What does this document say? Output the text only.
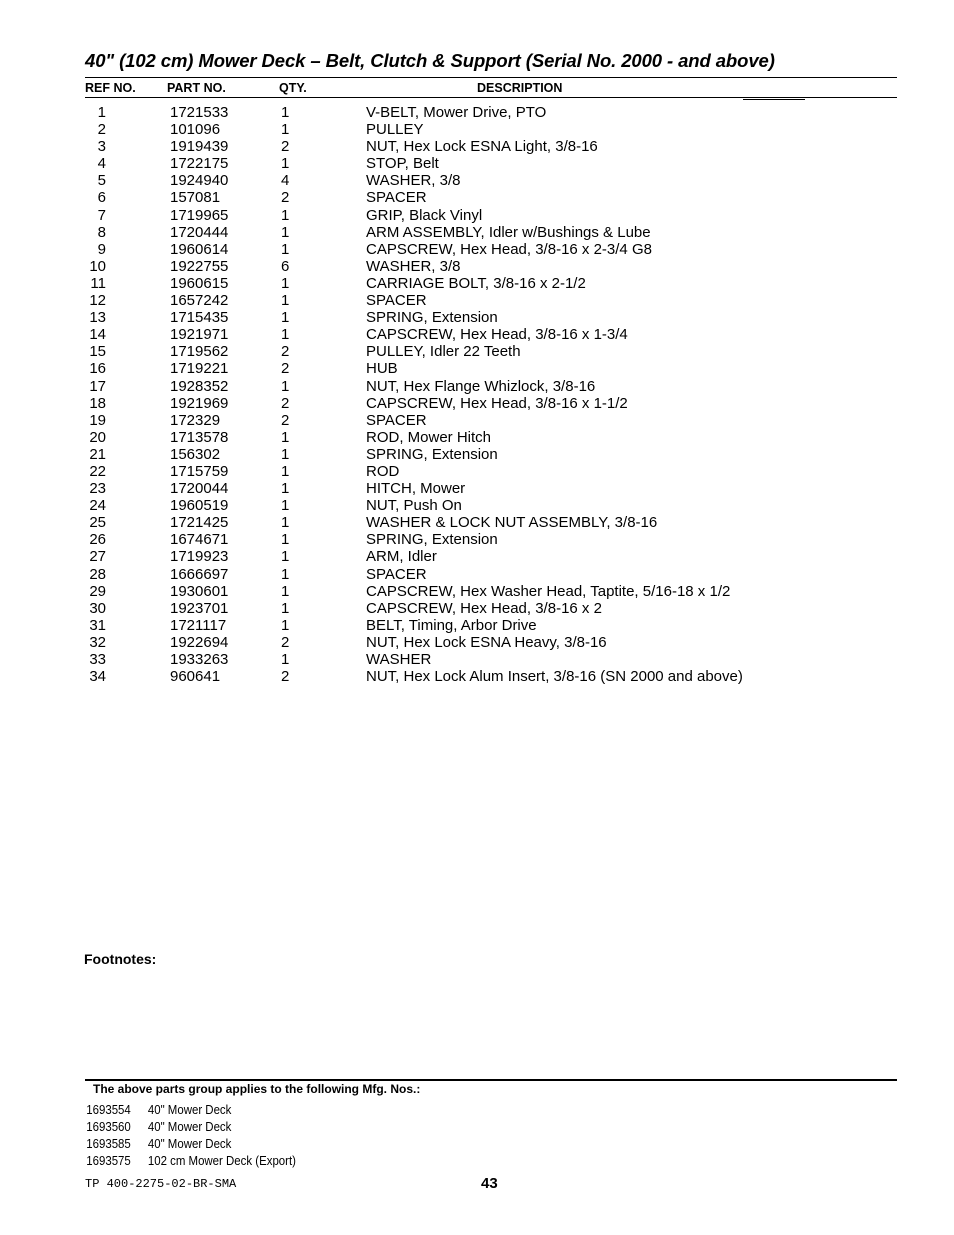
40" (102 cm) Mower Deck – Belt, Clutch & Support (Serial No. 2000 - and above)
REF NO.	PART NO.	QTY.	DESCRIPTION
1	1721533	1	V-BELT, Mower Drive, PTO
2	101096	1	PULLEY
3	1919439	2	NUT, Hex Lock ESNA Light, 3/8-16
4	1722175	1	STOP, Belt
5	1924940	4	WASHER, 3/8
6	157081	2	SPACER
7	1719965	1	GRIP, Black Vinyl
8	1720444	1	ARM ASSEMBLY, Idler w/Bushings & Lube
9	1960614	1	CAPSCREW, Hex Head, 3/8-16 x 2-3/4 G8
10	1922755	6	WASHER, 3/8
11	1960615	1	CARRIAGE BOLT, 3/8-16 x 2-1/2
12	1657242	1	SPACER
13	1715435	1	SPRING, Extension
14	1921971	1	CAPSCREW, Hex Head, 3/8-16 x 1-3/4
15	1719562	2	PULLEY, Idler 22 Teeth
16	1719221	2	HUB
17	1928352	1	NUT, Hex Flange Whizlock, 3/8-16
18	1921969	2	CAPSCREW, Hex Head, 3/8-16 x 1-1/2
19	172329	2	SPACER
20	1713578	1	ROD, Mower Hitch
21	156302	1	SPRING, Extension
22	1715759	1	ROD
23	1720044	1	HITCH, Mower
24	1960519	1	NUT, Push On
25	1721425	1	WASHER & LOCK NUT ASSEMBLY, 3/8-16
26	1674671	1	SPRING, Extension
27	1719923	1	ARM, Idler
28	1666697	1	SPACER
29	1930601	1	CAPSCREW, Hex Washer Head, Taptite, 5/16-18 x 1/2
30	1923701	1	CAPSCREW, Hex Head, 3/8-16 x 2
31	1721117	1	BELT, Timing, Arbor Drive
32	1922694	2	NUT, Hex Lock ESNA Heavy, 3/8-16
33	1933263	1	WASHER
34	960641	2	NUT, Hex Lock Alum Insert, 3/8-16 (SN 2000 and above)
Footnotes:
The above parts group applies to the following Mfg. Nos.:
1693554 40" Mower Deck
1693560 40" Mower Deck
1693585 40" Mower Deck
1693575 102 cm Mower Deck (Export)
TP 400-2275-02-BR-SMA	43
